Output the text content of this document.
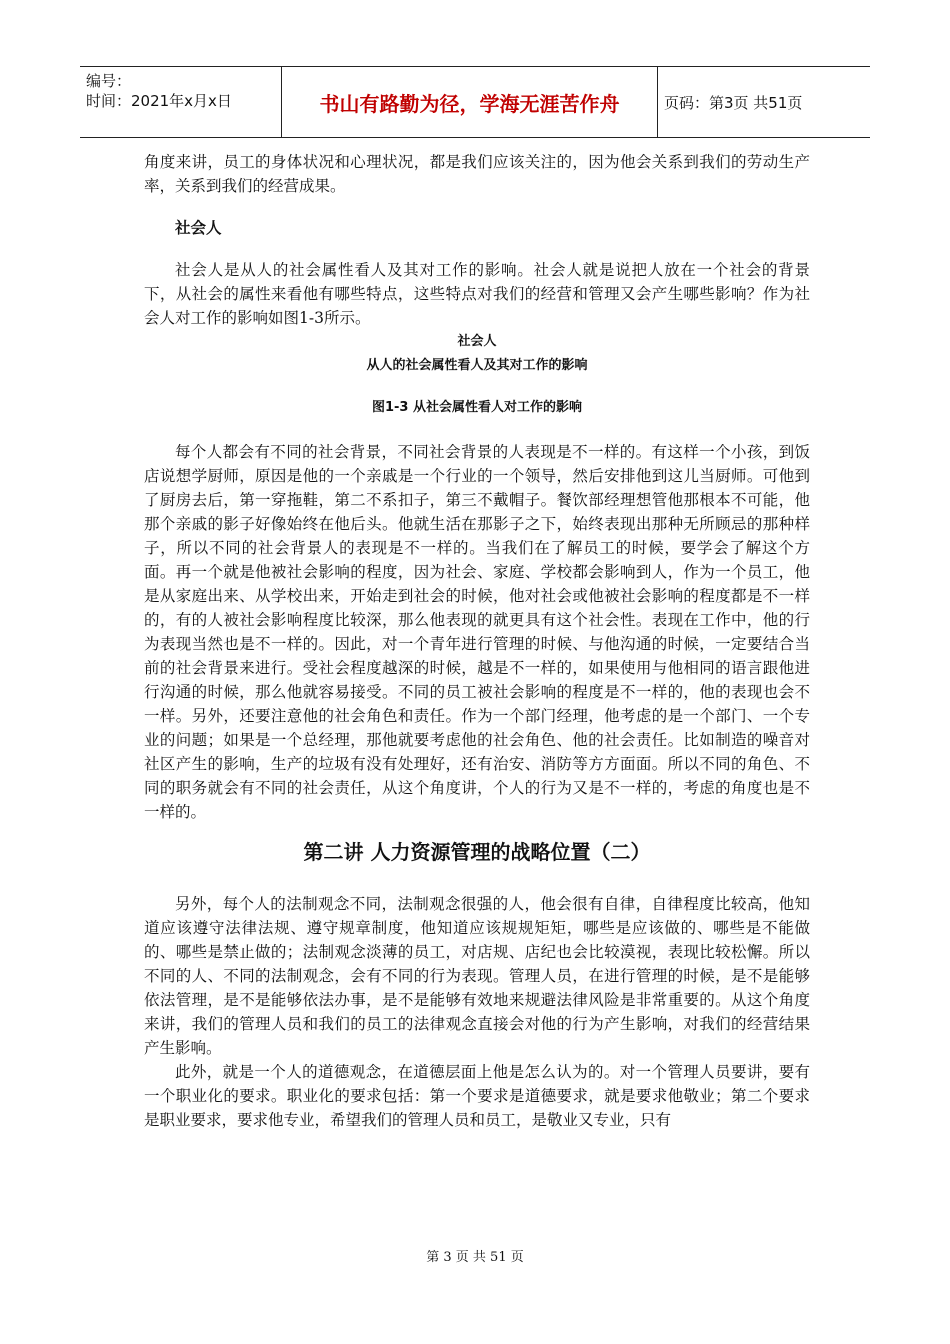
编号：
时间：2021年x月x日	书山有路勤为径，学海无涯苦作舟	页码：第3页 共51页

角度来讲，员工的身体状况和心理状况，都是我们应该关注的，因为他会关系到我们的劳动生产率，关系到我们的经营成果。

社会人

社会人是从人的社会属性看人及其对工作的影响。社会人就是说把人放在一个社会的背景下，从社会的属性来看他有哪些特点，这些特点对我们的经营和管理又会产生哪些影响？作为社会人对工作的影响如图1-3所示。

社会人

从人的社会属性看人及其对工作的影响

图1-3 从社会属性看人对工作的影响

每个人都会有不同的社会背景，不同社会背景的人表现是不一样的。有这样一个小孩，到饭店说想学厨师，原因是他的一个亲戚是一个行业的一个领导，然后安排他到这儿当厨师。可他到了厨房去后，第一穿拖鞋，第二不系扣子，第三不戴帽子。餐饮部经理想管他那根本不可能，他那个亲戚的影子好像始终在他后头。他就生活在那影子之下，始终表现出那种无所顾忌的那种样子，所以不同的社会背景人的表现是不一样的。当我们在了解员工的时候，要学会了解这个方面。再一个就是他被社会影响的程度，因为社会、家庭、学校都会影响到人，作为一个员工，他是从家庭出来、从学校出来，开始走到社会的时候，他对社会或他被社会影响的程度都是不一样的，有的人被社会影响程度比较深，那么他表现的就更具有这个社会性。表现在工作中，他的行为表现当然也是不一样的。因此，对一个青年进行管理的时候、与他沟通的时候，一定要结合当前的社会背景来进行。受社会程度越深的时候，越是不一样的，如果使用与他相同的语言跟他进行沟通的时候，那么他就容易接受。不同的员工被社会影响的程度是不一样的，他的表现也会不一样。另外，还要注意他的社会角色和责任。作为一个部门经理，他考虑的是一个部门、一个专业的问题；如果是一个总经理，那他就要考虑他的社会角色、他的社会责任。比如制造的噪音对社区产生的影响，生产的垃圾有没有处理好，还有治安、消防等方方面面。所以不同的角色、不同的职务就会有不同的社会责任，从这个角度讲，个人的行为又是不一样的，考虑的角度也是不一样的。

第二讲 人力资源管理的战略位置（二）

另外，每个人的法制观念不同，法制观念很强的人，他会很有自律，自律程度比较高，他知道应该遵守法律法规、遵守规章制度，他知道应该规规矩矩，哪些是应该做的、哪些是不能做的、哪些是禁止做的；法制观念淡薄的员工，对店规、店纪也会比较漠视，表现比较松懈。所以不同的人、不同的法制观念，会有不同的行为表现。管理人员，在进行管理的时候，是不是能够依法管理，是不是能够依法办事，是不是能够有效地来规避法律风险是非常重要的。从这个角度来讲，我们的管理人员和我们的员工的法律观念直接会对他的行为产生影响，对我们的经营结果产生影响。

此外，就是一个人的道德观念，在道德层面上他是怎么认为的。对一个管理人员要讲，要有一个职业化的要求。职业化的要求包括：第一个要求是道德要求，就是要求他敬业；第二个要求是职业要求，要求他专业，希望我们的管理人员和员工，是敬业又专业，只有

第 3 页 共 51 页
